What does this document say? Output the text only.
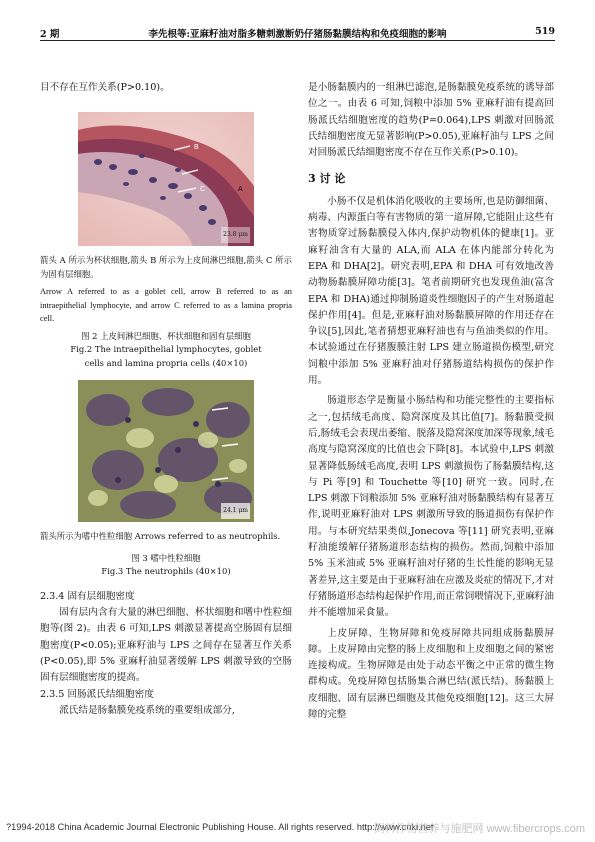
2 期	李先根等:亚麻籽油对脂多糖刺激断奶仔猪肠黏膜结构和免疫细胞的影响	519

目不存在互作关系(P>0.10)。

B
A
C
23.8 μm

箭头 A 所示为杯状细胞,箭头 B 所示为上皮间淋巴细胞,箭头 C 所示为固有层细胞。

Arrow A referred to as a goblet cell, arrow B referred to as an intraepithelial lymphocyte, and arrow C referred to as a lamina propria cell.

图 2 上皮间淋巴细胞、杯状细胞和固有层细胞

Fig.2 The intraepithelial lymphocytes, goblet

cells and lamina propria cells (40×10)

24.1 μm

箭头所示为嗜中性粒细胞 Arrows referred to as neutrophils.

图 3 嗜中性粒细胞

Fig.3 The neutrophils (40×10)

2.3.4 固有层细胞密度

固有层内含有大量的淋巴细胞、杯状细胞和嗜中性粒细胞等(图 2)。由表 6 可知,LPS 刺激显著提高空肠固有层细胞密度(P<0.05);亚麻籽油与 LPS 之间存在显著互作关系(P<0.05),即 5% 亚麻籽油显著缓解 LPS 刺激导致的空肠固有层细胞密度的提高。

2.3.5 回肠派氏结细胞密度

派氏结是肠黏膜免疫系统的重要组成部分,

是小肠黏膜内的一组淋巴滤泡,是肠黏膜免疫系统的诱导部位之一。由表 6 可知,饲粮中添加 5% 亚麻籽油有提高回肠派氏结细胞密度的趋势(P=0.064),LPS 刺激对回肠派氏结细胞密度无显著影响(P>0.05),亚麻籽油与 LPS 之间对回肠派氏结细胞密度不存在互作关系(P>0.10)。

3 讨 论

小肠不仅是机体消化吸收的主要场所,也是防御细菌、病毒、内源蛋白等有害物质的第一道屏障,它能阻止这些有害物质穿过肠黏膜侵入体内,保护动物机体的健康[1]。亚麻籽油含有大量的 ALA,而 ALA 在体内能部分转化为 EPA 和 DHA[2]。研究表明,EPA 和 DHA 可有效地改善动物肠黏膜屏障功能[3]。笔者前期研究也发现鱼油(富含 EPA 和 DHA)通过抑制肠道炎性细胞因子的产生对肠道起保护作用[4]。但是,亚麻籽油对肠黏膜屏障的作用还存在争议[5],因此,笔者猜想亚麻籽油也有与鱼油类似的作用。本试验通过在仔猪腹膜注射 LPS 建立肠道损伤模型,研究饲粮中添加 5% 亚麻籽油对仔猪肠道结构损伤的保护作用。

肠道形态学是衡量小肠结构和功能完整性的主要指标之一,包括绒毛高度、隐窝深度及其比值[7]。肠黏膜受损后,肠绒毛会表现出萎缩、脱落及隐窝深度加深等现象,绒毛高度与隐窝深度的比值也会下降[8]。本试验中,LPS 刺激显著降低肠绒毛高度,表明 LPS 刺激损伤了肠黏膜结构,这与 Pi 等[9] 和 Touchette 等[10] 研究一致。同时,在 LPS 刺激下饲粮添加 5% 亚麻籽油对肠黏膜结构有显著互作,说明亚麻籽油对 LPS 刺激所导致的肠道损伤有保护作用。与本研究结果类似,Jonecova 等[11] 研究表明,亚麻籽油能缓解仔猪肠道形态结构的损伤。然而,饲粮中添加 5% 玉米油或 5% 亚麻籽油对仔猪的生长性能的影响无显著差异,这主要是由于亚麻籽油在应激及炎症的情况下,才对仔猪肠道形态结构起保护作用,而正常饲喂情况下,亚麻籽油并不能增加采食量。

上皮屏障、生物屏障和免疫屏障共同组成肠黏膜屏障。上皮屏障由完整的肠上皮细胞和上皮细胞之间的紧密连接构成。生物屏障是由处于动态平衡之中正常的微生物群构成。免疫屏障包括肠集合淋巴结(派氏结)、肠黏膜上皮细胞、固有层淋巴细胞及其他免疫细胞[12]。这三大屏障的完整

?1994-2018 China Academic Journal Electronic Publishing House. All rights reserved. http://www.cnki.net
饲料作物营养与施肥网 www.fibercrops.com
